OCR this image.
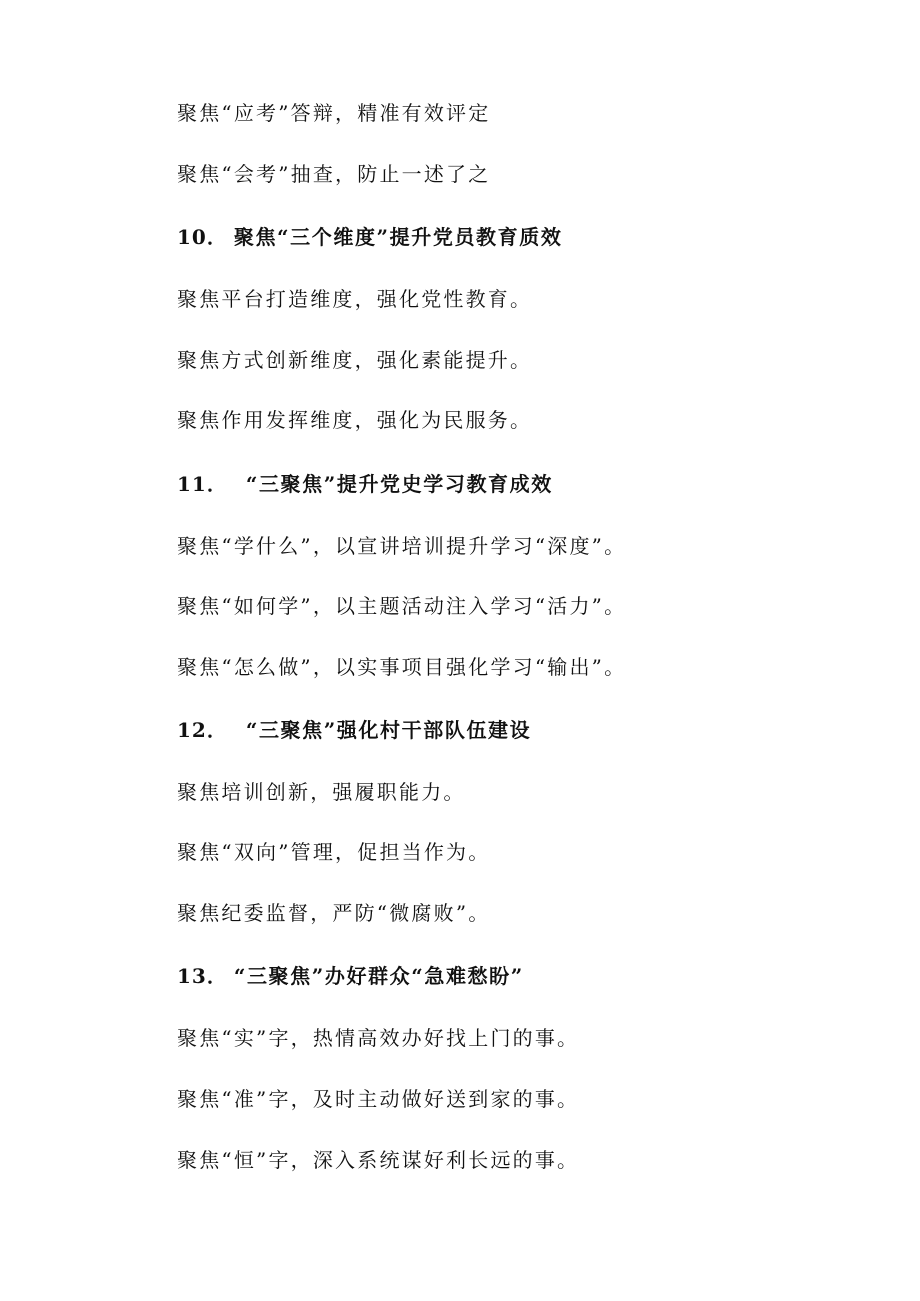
聚焦“应考”答辩，精准有效评定
聚焦“会考”抽查，防止一述了之
10． 聚焦“三个维度”提升党员教育质效
聚焦平台打造维度，强化党性教育。
聚焦方式创新维度，强化素能提升。
聚焦作用发挥维度，强化为民服务。
11． “三聚焦”提升党史学习教育成效
聚焦“学什么”，以宣讲培训提升学习“深度”。
聚焦“如何学”，以主题活动注入学习“活力”。
聚焦“怎么做”，以实事项目强化学习“输出”。
12． “三聚焦”强化村干部队伍建设
聚焦培训创新，强履职能力。
聚焦“双向”管理，促担当作为。
聚焦纪委监督，严防“微腐败”。
13． “三聚焦”办好群众“急难愁盼”
聚焦“实”字，热情高效办好找上门的事。
聚焦“准”字，及时主动做好送到家的事。
聚焦“恒”字，深入系统谋好利长远的事。
